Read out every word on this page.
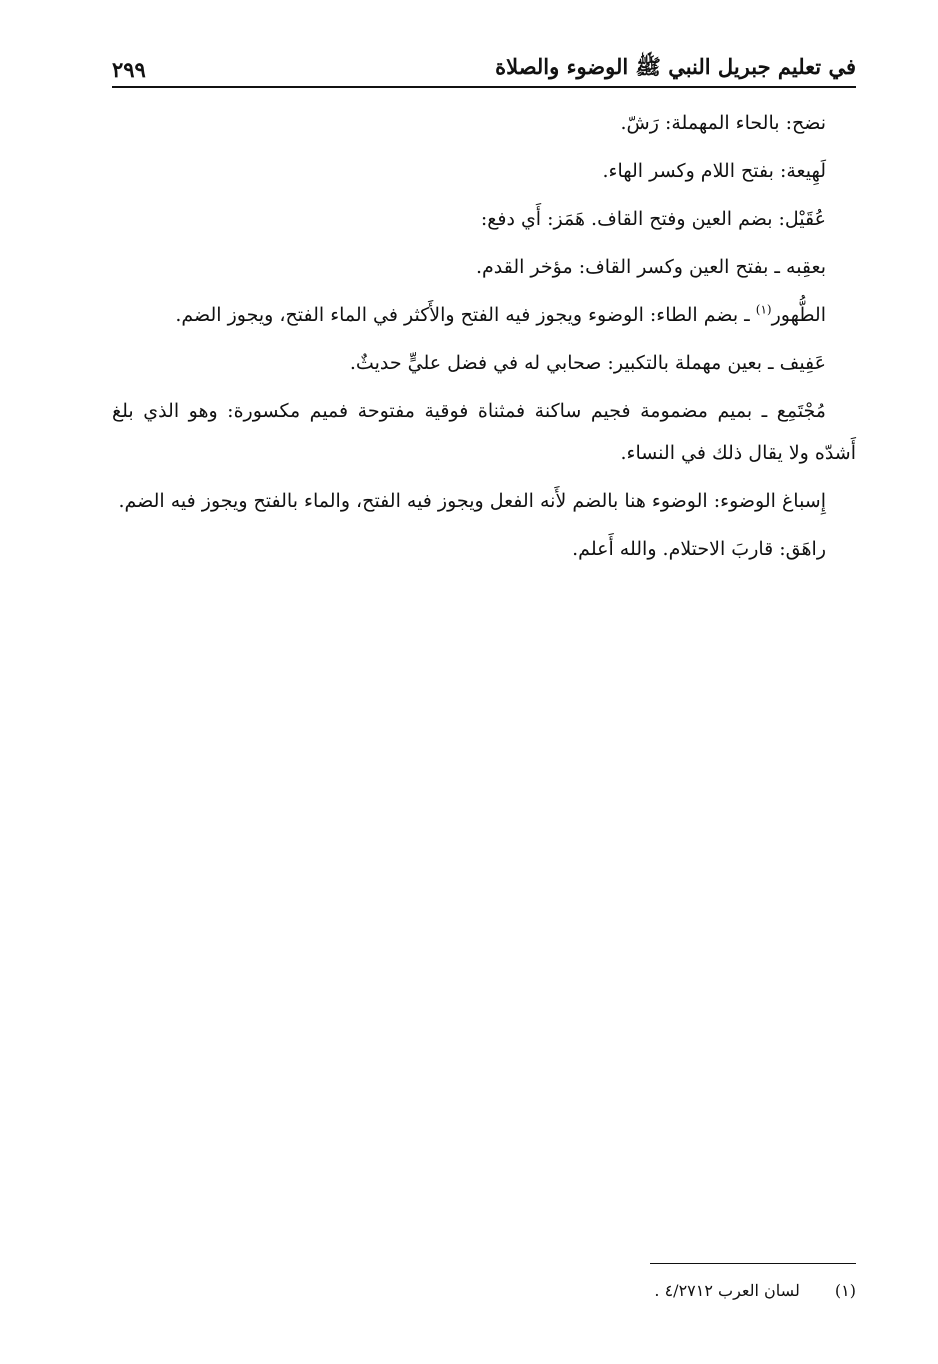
في تعليم جبريل النبي ﷺ الوضوء والصلاة
٢٩٩

نضح: بالحاء المهملة: رَشّ.

لَهِيعة: بفتح اللام وكسر الهاء.

عُقَيْل: بضم العين وفتح القاف. هَمَز: أَي دفع:

بعقِبه ـ بفتح العين وكسر القاف: مؤخر القدم.

الطُّهور$^{(١)}$ ـ بضم الطاء: الوضوء ويجوز فيه الفتح والأَكثر في الماء الفتح، ويجوز الضم.

عَفِيف ـ بعين مهملة بالتكبير: صحابي له في فضل عليٍّ حديثٌ.

مُجْتَمِع ـ بميم مضمومة فجيم ساكنة فمثناة فوقية مفتوحة فميم مكسورة: وهو الذي بلغ أَشدّه ولا يقال ذلك في النساء.

إِسباغ الوضوء: الوضوء هنا بالضم لأَنه الفعل ويجوز فيه الفتح، والماء بالفتح ويجوز فيه الضم.

راهَق: قاربَ الاحتلام. والله أَعلم.

(١) لسان العرب ٤/٢٧١٢ .
